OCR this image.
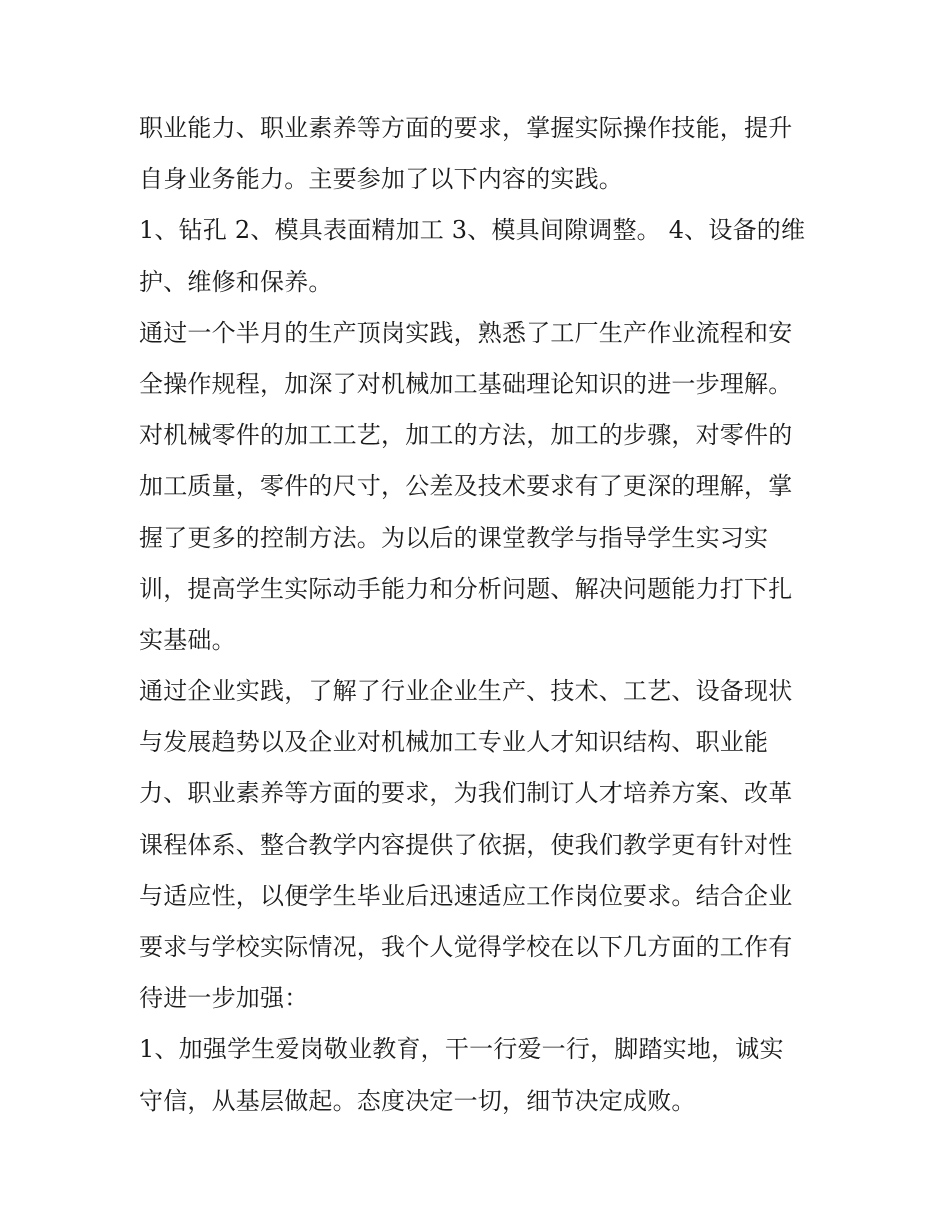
职业能力、职业素养等方面的要求，掌握实际操作技能，提升
自身业务能力。主要参加了以下内容的实践。
1、钻孔 2、模具表面精加工 3、模具间隙调整。 4、设备的维
护、维修和保养。
通过一个半月的生产顶岗实践，熟悉了工厂生产作业流程和安
全操作规程，加深了对机械加工基础理论知识的进一步理解。
对机械零件的加工工艺，加工的方法，加工的步骤，对零件的
加工质量，零件的尺寸，公差及技术要求有了更深的理解，掌
握了更多的控制方法。为以后的课堂教学与指导学生实习实
训，提高学生实际动手能力和分析问题、解决问题能力打下扎
实基础。
通过企业实践，了解了行业企业生产、技术、工艺、设备现状
与发展趋势以及企业对机械加工专业人才知识结构、职业能
力、职业素养等方面的要求，为我们制订人才培养方案、改革
课程体系、整合教学内容提供了依据，使我们教学更有针对性
与适应性，以便学生毕业后迅速适应工作岗位要求。结合企业
要求与学校实际情况，我个人觉得学校在以下几方面的工作有
待进一步加强：
1、加强学生爱岗敬业教育，干一行爱一行，脚踏实地，诚实
守信，从基层做起。态度决定一切，细节决定成败。
